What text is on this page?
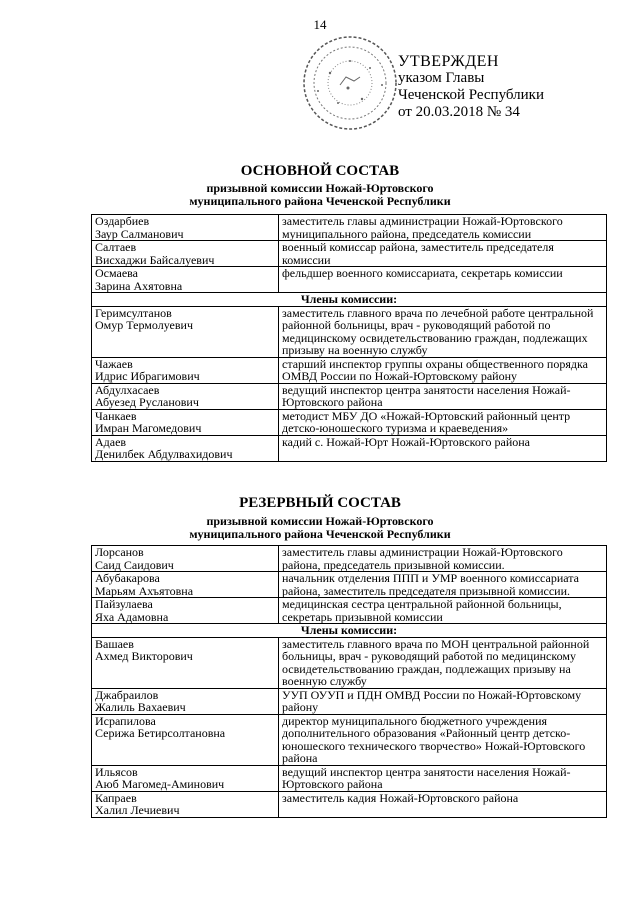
14
УТВЕРЖДЕН
указом Главы
Чеченской Республики
от 20.03.2018 № 34
ОСНОВНОЙ СОСТАВ
призывной комиссии Ножай-Юртовского
муниципального района Чеченской Республики
Оздарбиев
Заур Салманович	заместитель главы администрации Ножай-Юртовского муниципального района, председатель комиссии

Салтаев
Висхаджи Байсалуевич	военный комиссар района, заместитель председателя комиссии

Осмаева
Зарина Ахятовна	фельдшер военного комиссариата, секретарь комиссии
Члены комиссии:	

Геримсултанов
Омур Термолуевич	заместитель главного врача по лечебной работе центральной районной больницы, врач - руководящий работой по медицинскому освидетельствованию граждан, подлежащих призыву на военную службу

Чажаев
Идрис Ибрагимович	старший инспектор группы охраны общественного порядка ОМВД России по Ножай-Юртовскому району

Абдулхасаев
Абуезед Русланович	ведущий инспектор центра занятости населения Ножай-Юртовского района

Чанкаев
Имран Магомедович	методист МБУ ДО «Ножай-Юртовский районный центр детско-юношеского туризма и краеведения»

Адаев
Денилбек Абдулвахидович	кадий с. Ножай-Юрт Ножай-Юртовского района
РЕЗЕРВНЫЙ СОСТАВ
призывной комиссии Ножай-Юртовского
муниципального района Чеченской Республики
Лорсанов
Саид Саидович	заместитель главы администрации Ножай-Юртовского района, председатель призывной комиссии.

Абубакарова
Марьям Ахъятовна	начальник отделения ППП и УМР военного комиссариата района, заместитель председателя призывной комиссии.

Пайзулаева
Яха Адамовна	медицинская сестра центральной районной больницы, секретарь призывной комиссии
Члены комиссии:	

Вашаев
Ахмед Викторович	заместитель главного врача по МОН центральной районной больницы, врач - руководящий работой по медицинскому освидетельствованию граждан, подлежащих призыву на военную службу

Джабраилов
Жалиль Вахаевич	УУП ОУУП и ПДН ОМВД России по Ножай-Юртовскому району

Исрапилова
Серижа Бетирсолтановна	директор муниципального бюджетного учреждения дополнительного образования «Районный центр детско-юношеского технического творчество» Ножай-Юртовского района

Ильясов
Аюб Магомед-Аминович	ведущий инспектор центра занятости населения Ножай-Юртовского района

Капраев
Халил Лечиевич	заместитель кадия Ножай-Юртовского района
